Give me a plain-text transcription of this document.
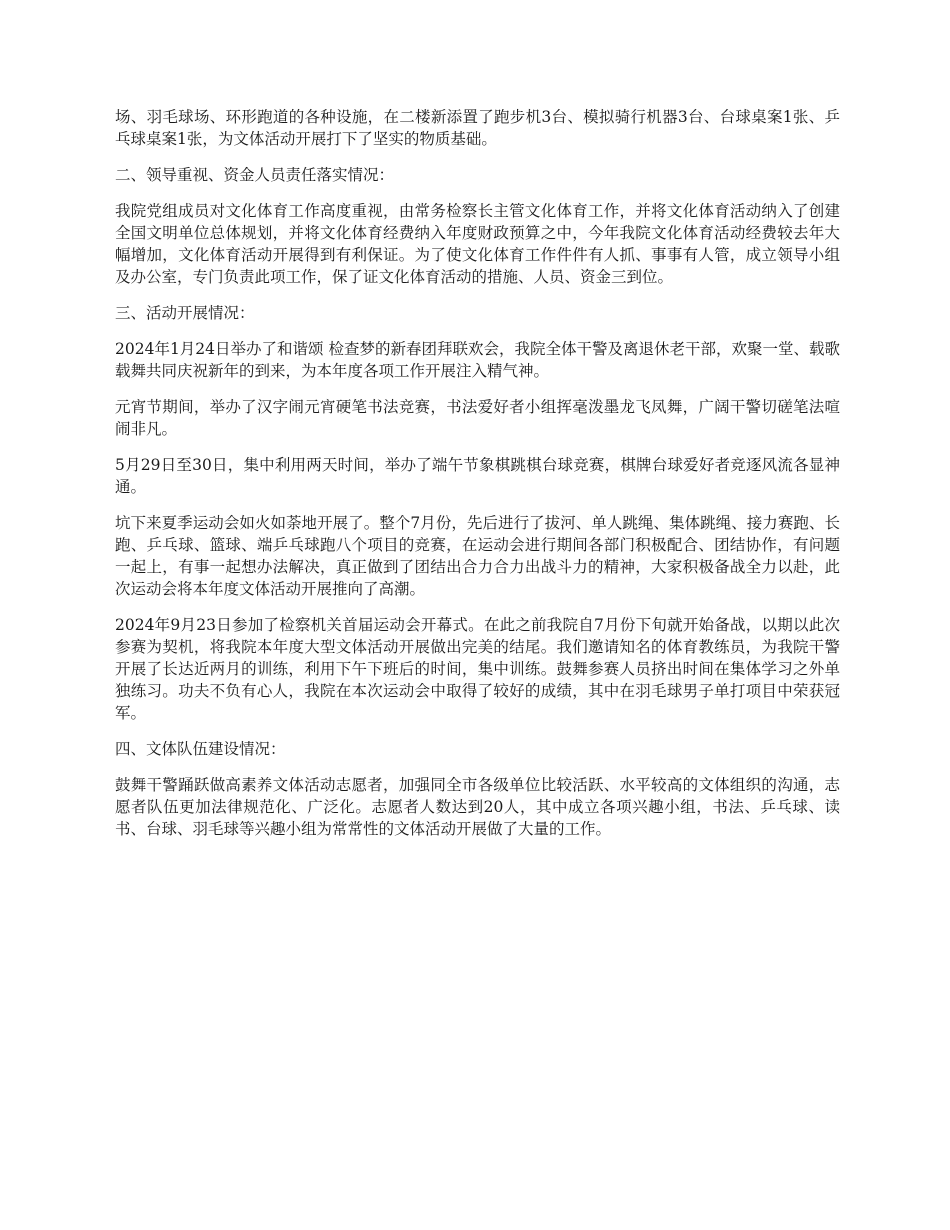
场、羽毛球场、环形跑道的各种设施，在二楼新添置了跑步机3台、模拟骑行机器3台、台球桌案1张、乒乓球桌案1张，为文体活动开展打下了坚实的物质基础。

二、领导重视、资金人员责任落实情况：

我院党组成员对文化体育工作高度重视，由常务检察长主管文化体育工作，并将文化体育活动纳入了创建全国文明单位总体规划，并将文化体育经费纳入年度财政预算之中，今年我院文化体育活动经费较去年大幅增加，文化体育活动开展得到有利保证。为了使文化体育工作件件有人抓、事事有人管，成立领导小组及办公室，专门负责此项工作，保了证文化体育活动的措施、人员、资金三到位。

三、活动开展情况：

2024年1月24日举办了和谐颂 检查梦的新春团拜联欢会，我院全体干警及离退休老干部，欢聚一堂、载歌载舞共同庆祝新年的到来，为本年度各项工作开展注入精气神。

元宵节期间，举办了汉字闹元宵硬笔书法竞赛，书法爱好者小组挥毫泼墨龙飞凤舞，广阔干警切磋笔法喧闹非凡。

5月29日至30日，集中利用两天时间，举办了端午节象棋跳棋台球竞赛，棋牌台球爱好者竞逐风流各显神通。

坑下来夏季运动会如火如荼地开展了。整个7月份，先后进行了拔河、单人跳绳、集体跳绳、接力赛跑、长跑、乒乓球、篮球、端乒乓球跑八个项目的竞赛，在运动会进行期间各部门积极配合、团结协作，有问题一起上，有事一起想办法解决，真正做到了团结出合力合力出战斗力的精神，大家积极备战全力以赴，此次运动会将本年度文体活动开展推向了高潮。

2024年9月23日参加了检察机关首届运动会开幕式。在此之前我院自7月份下旬就开始备战，以期以此次参赛为契机，将我院本年度大型文体活动开展做出完美的结尾。我们邀请知名的体育教练员，为我院干警开展了长达近两月的训练，利用下午下班后的时间，集中训练。鼓舞参赛人员挤出时间在集体学习之外单独练习。功夫不负有心人，我院在本次运动会中取得了较好的成绩，其中在羽毛球男子单打项目中荣获冠军。

四、文体队伍建设情况：

鼓舞干警踊跃做高素养文体活动志愿者，加强同全市各级单位比较活跃、水平较高的文体组织的沟通，志愿者队伍更加法律规范化、广泛化。志愿者人数达到20人，其中成立各项兴趣小组，书法、乒乓球、读书、台球、羽毛球等兴趣小组为常常性的文体活动开展做了大量的工作。
